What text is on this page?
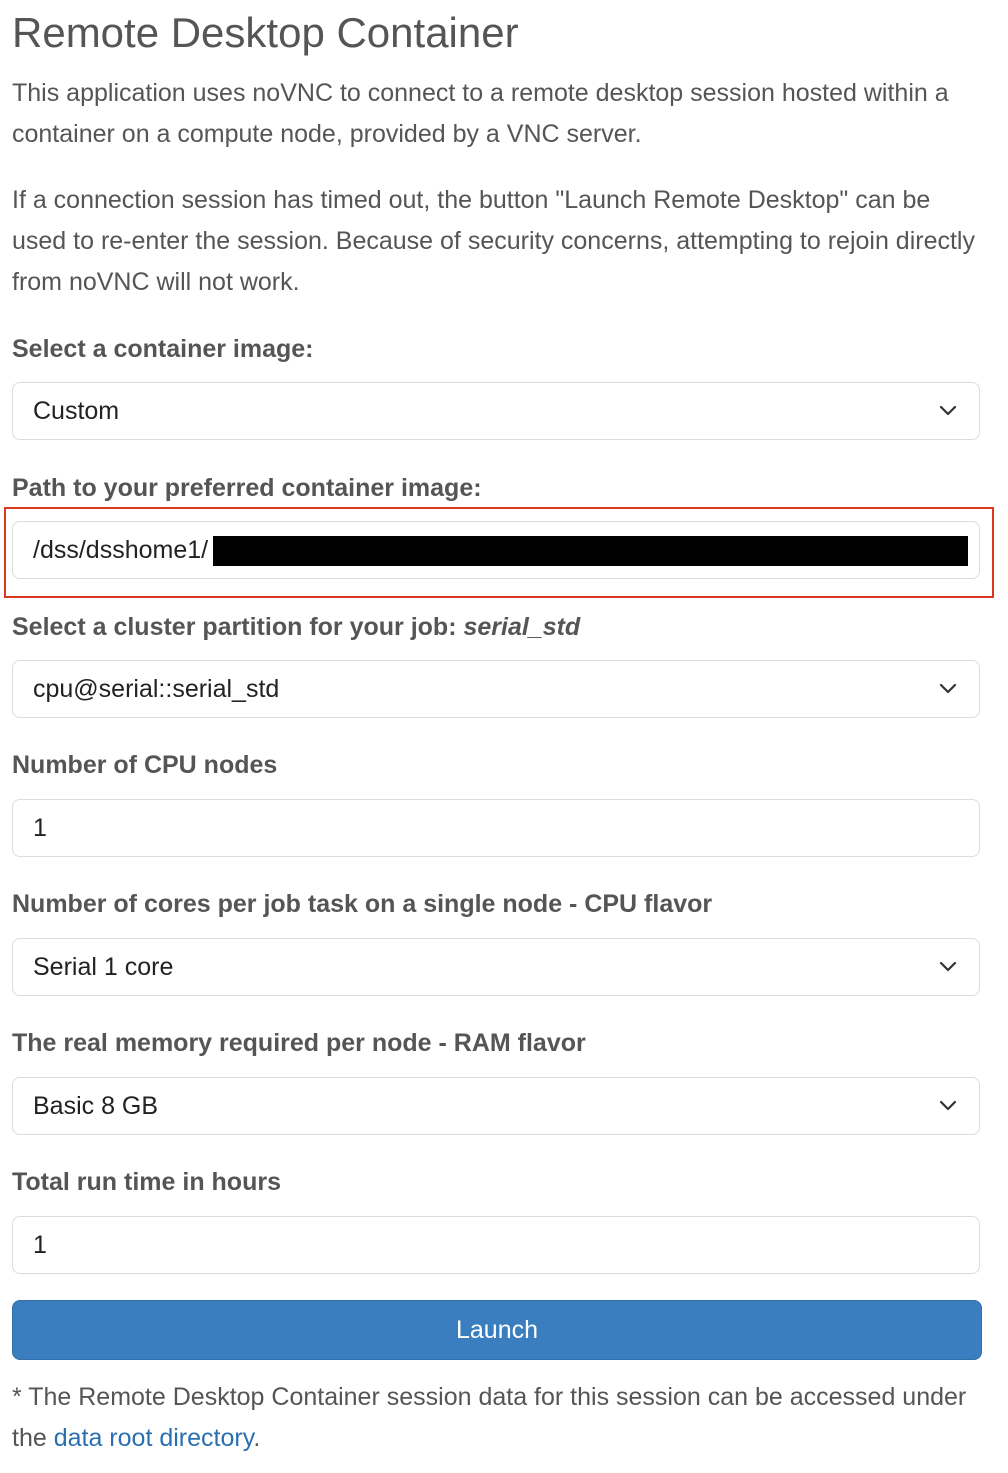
Remote Desktop Container

This application uses noVNC to connect to a remote desktop session hosted within a container on a compute node, provided by a VNC server.

If a connection session has timed out, the button "Launch Remote Desktop" can be used to re-enter the session. Because of security concerns, attempting to rejoin directly from noVNC will not work.

Select a container image:
Custom
Path to your preferred container image:
/dss/dsshome1/
Select a cluster partition for your job: serial_std
cpu@serial::serial_std
Number of CPU nodes
1
Number of cores per job task on a single node - CPU flavor
Serial 1 core
The real memory required per node - RAM flavor
Basic 8 GB
Total run time in hours
1
Launch

* The Remote Desktop Container session data for this session can be accessed under the data root directory.
